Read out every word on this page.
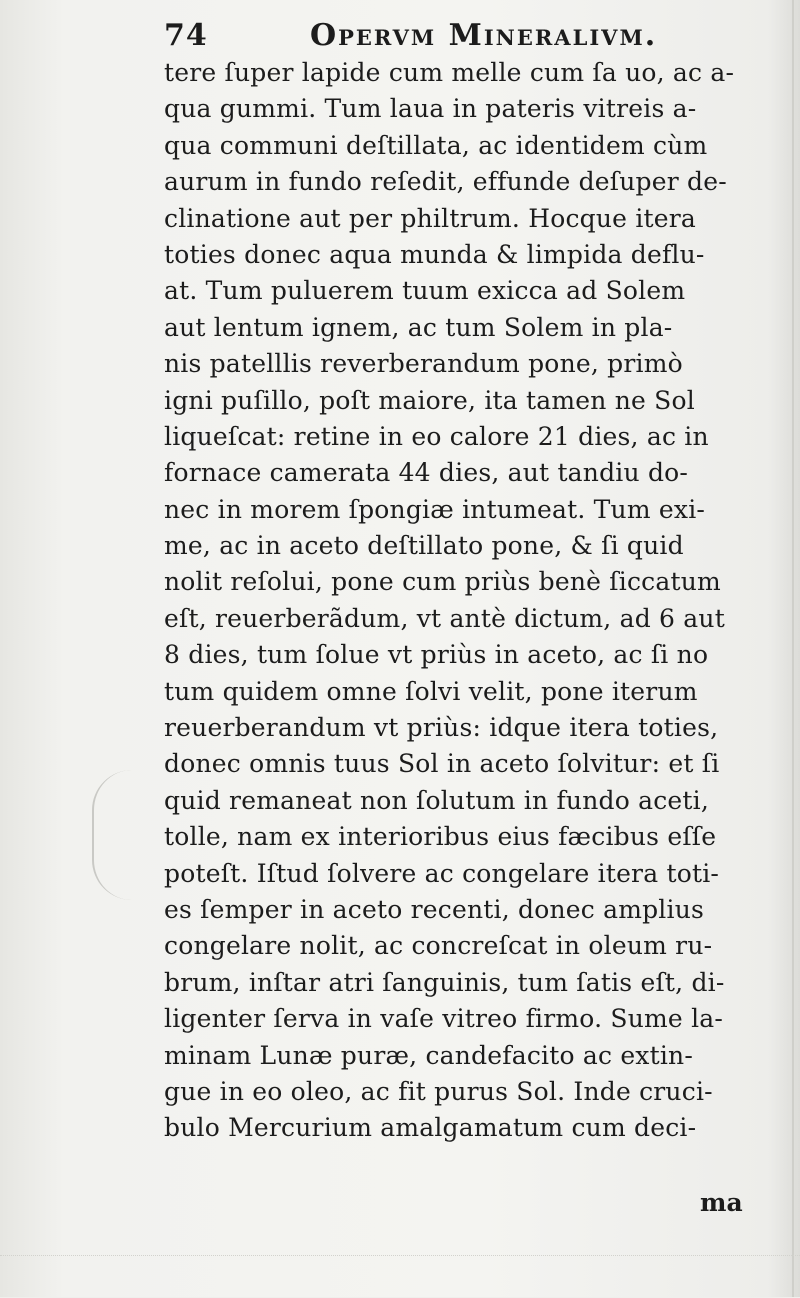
74	Opervm Mineralivm.
tere ſuper lapide cum melle cum ſa uo, ac a-
qua gummi. Tum laua in pateris vitreis a-
qua communi deſtillata, ac identidem cùm
aurum in fundo reſedit, effunde deſuper de-
clinatione aut per philtrum. Hocque itera
toties donec aqua munda & limpida deflu-
at. Tum puluerem tuum exicca ad Solem
aut lentum ignem, ac tum Solem in pla-
nis patelllis reverberandum pone, primò
igni puſillo, poſt maiore, ita tamen ne Sol
liqueſcat: retine in eo calore 21 dies, ac in
fornace camerata 44 dies, aut tandiu do-
nec in morem ſpongiæ intumeat. Tum exi-
me, ac in aceto deſtillato pone, & ſi quid
nolit reſolui, pone cum priùs benè ſiccatum
eſt, reuerberãdum, vt antè dictum, ad 6 aut
8 dies, tum ſolue vt priùs in aceto, ac ſi no
tum quidem omne ſolvi velit, pone iterum
reuerberandum vt priùs: idque itera toties,
donec omnis tuus Sol in aceto ſolvitur: et ſi
quid remaneat non ſolutum in fundo aceti,
tolle, nam ex interioribus eius fæcibus eſſe
poteſt. Iſtud ſolvere ac congelare itera toti-
es ſemper in aceto recenti, donec amplius
congelare nolit, ac concreſcat in oleum ru-
brum, inſtar atri ſanguinis, tum ſatis eſt, di-
ligenter ſerva in vaſe vitreo firmo. Sume la-
minam Lunæ puræ, candefacito ac extin-
gue in eo oleo, ac fit purus Sol. Inde cruci-
bulo Mercurium amalgamatum cum deci-
ma
